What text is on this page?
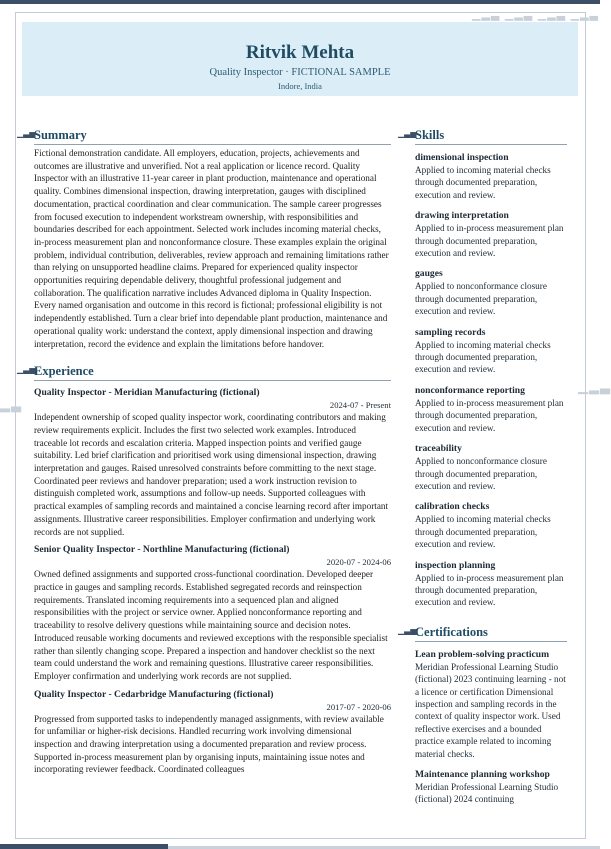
▁▂▃ ▁▂▃ ▁▂▃ ▁▂▃
▁▂▃
▂▃
Ritvik Mehta
Quality Inspector · FICTIONAL SAMPLE
Indore, India
▁▃▅
Summary
Fictional demonstration candidate. All employers, education, projects, achievements and outcomes are illustrative and unverified. Not a real application or licence record. Quality Inspector with an illustrative 11-year career in plant production, maintenance and operational quality. Combines dimensional inspection, drawing interpretation, gauges with disciplined documentation, practical coordination and clear communication. The sample career progresses from focused execution to independent workstream ownership, with responsibilities and boundaries described for each appointment. Selected work includes incoming material checks, in-process measurement plan and nonconformance closure. These examples explain the original problem, individual contribution, deliverables, review approach and remaining limitations rather than relying on unsupported headline claims. Prepared for experienced quality inspector opportunities requiring dependable delivery, thoughtful professional judgement and collaboration. The qualification narrative includes Advanced diploma in Quality Inspection. Every named organisation and outcome in this record is fictional; professional eligibility is not independently established. Turn a clear brief into dependable plant production, maintenance and operational quality work: understand the context, apply dimensional inspection and drawing interpretation, record the evidence and explain the limitations before handover.
▁▃▅
Experience
Quality Inspector - Meridian Manufacturing (fictional)
2024-07 - Present
Independent ownership of scoped quality inspector work, coordinating contributors and making review requirements explicit. Includes the first two selected work examples. Introduced traceable lot records and escalation criteria. Mapped inspection points and verified gauge suitability. Led brief clarification and prioritised work using dimensional inspection, drawing interpretation and gauges. Raised unresolved constraints before committing to the next stage. Coordinated peer reviews and handover preparation; used a work instruction revision to distinguish completed work, assumptions and follow-up needs. Supported colleagues with practical examples of sampling records and maintained a concise learning record after important assignments. Illustrative career responsibilities. Employer confirmation and underlying work records are not supplied.
Senior Quality Inspector - Northline Manufacturing (fictional)
2020-07 - 2024-06
Owned defined assignments and supported cross-functional coordination. Developed deeper practice in gauges and sampling records. Established segregated records and reinspection requirements. Translated incoming requirements into a sequenced plan and aligned responsibilities with the project or service owner. Applied nonconformance reporting and traceability to resolve delivery questions while maintaining source and decision notes. Introduced reusable working documents and reviewed exceptions with the responsible specialist rather than silently changing scope. Prepared a inspection and handover checklist so the next team could understand the work and remaining questions. Illustrative career responsibilities. Employer confirmation and underlying work records are not supplied.
Quality Inspector - Cedarbridge Manufacturing (fictional)
2017-07 - 2020-06
Progressed from supported tasks to independently managed assignments, with review available for unfamiliar or higher-risk decisions. Handled recurring work involving dimensional inspection and drawing interpretation using a documented preparation and review process. Supported in-process measurement plan by organising inputs, maintaining issue notes and incorporating reviewer feedback. Coordinated colleagues
▁▃▅
Skills
dimensional inspection
Applied to incoming material checks through documented preparation, execution and review.
drawing interpretation
Applied to in-process measurement plan through documented preparation, execution and review.
gauges
Applied to nonconformance closure through documented preparation, execution and review.
sampling records
Applied to incoming material checks through documented preparation, execution and review.
nonconformance reporting
Applied to in-process measurement plan through documented preparation, execution and review.
traceability
Applied to nonconformance closure through documented preparation, execution and review.
calibration checks
Applied to incoming material checks through documented preparation, execution and review.
inspection planning
Applied to in-process measurement plan through documented preparation, execution and review.
▁▃▅
Certifications
Lean problem-solving practicum
Meridian Professional Learning Studio (fictional) 2023 continuing learning - not a licence or certification Dimensional inspection and sampling records in the context of quality inspector work. Used reflective exercises and a bounded practice example related to incoming material checks.
Maintenance planning workshop
Meridian Professional Learning Studio (fictional) 2024 continuing
